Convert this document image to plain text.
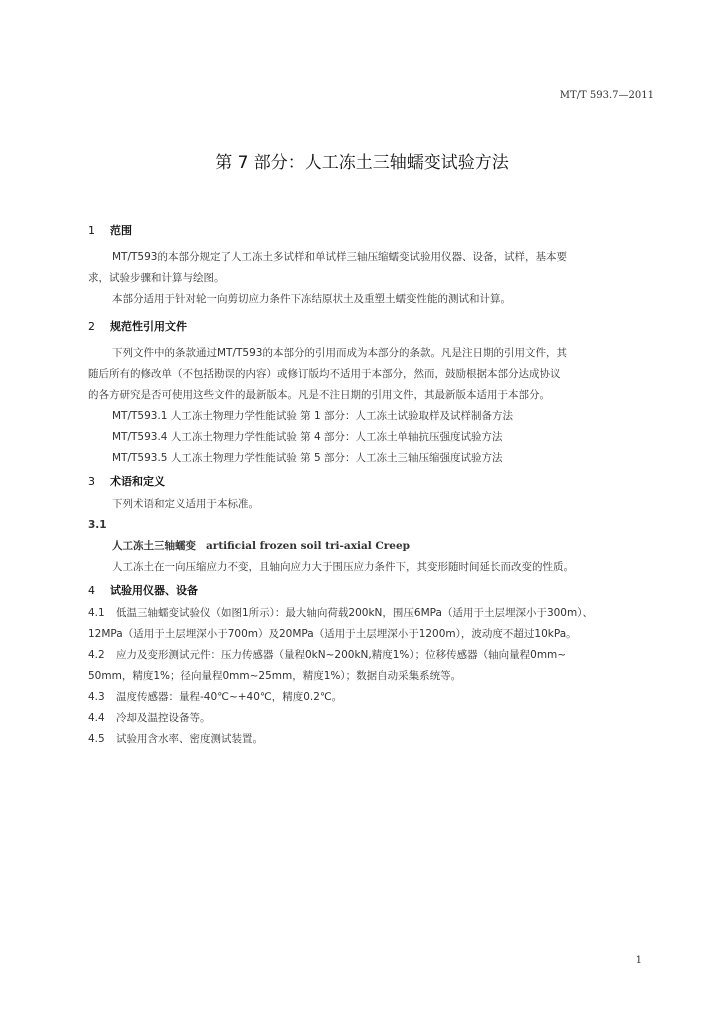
MT/T 593.7—2011
第 7 部分：人工冻土三轴蠕变试验方法
1 范围
MT/T593的本部分规定了人工冻土多试样和单试样三轴压缩蠕变试验用仪器、设备，试样，基本要
求，试验步骤和计算与绘图。
本部分适用于针对轮一向剪切应力条件下冻结原状土及重塑土蠕变性能的测试和计算。
2 规范性引用文件
下列文件中的条款通过MT/T593的本部分的引用而成为本部分的条款。凡是注日期的引用文件，其
随后所有的修改单（不包括勘误的内容）或修订版均不适用于本部分，然而，鼓励根据本部分达成协议
的各方研究是否可使用这些文件的最新版本。凡是不注日期的引用文件，其最新版本适用于本部分。
MT/T593.1 人工冻土物理力学性能试验 第 1 部分：人工冻土试验取样及试样制备方法
MT/T593.4 人工冻土物理力学性能试验 第 4 部分：人工冻土单轴抗压强度试验方法
MT/T593.5 人工冻土物理力学性能试验 第 5 部分：人工冻土三轴压缩强度试验方法
3 术语和定义
下列术语和定义适用于本标准。
3.1
人工冻土三轴蠕变 artificial frozen soil tri-axial Creep
人工冻土在一向压缩应力不变，且轴向应力大于围压应力条件下，其变形随时间延长而改变的性质。
4 试验用仪器、设备
4.1 低温三轴蠕变试验仪（如图1所示）：最大轴向荷载200kN，围压6MPa（适用于土层埋深小于300m）、
12MPa（适用于土层埋深小于700m）及20MPa（适用于土层埋深小于1200m），波动度不超过10kPa。
4.2 应力及变形测试元件：压力传感器（量程0kN~200kN,精度1%）；位移传感器（轴向量程0mm~
50mm，精度1%；径向量程0mm~25mm，精度1%）；数据自动采集系统等。
4.3 温度传感器：量程-40℃~+40℃，精度0.2℃。
4.4 冷却及温控设备等。
4.5 试验用含水率、密度测试装置。
1
